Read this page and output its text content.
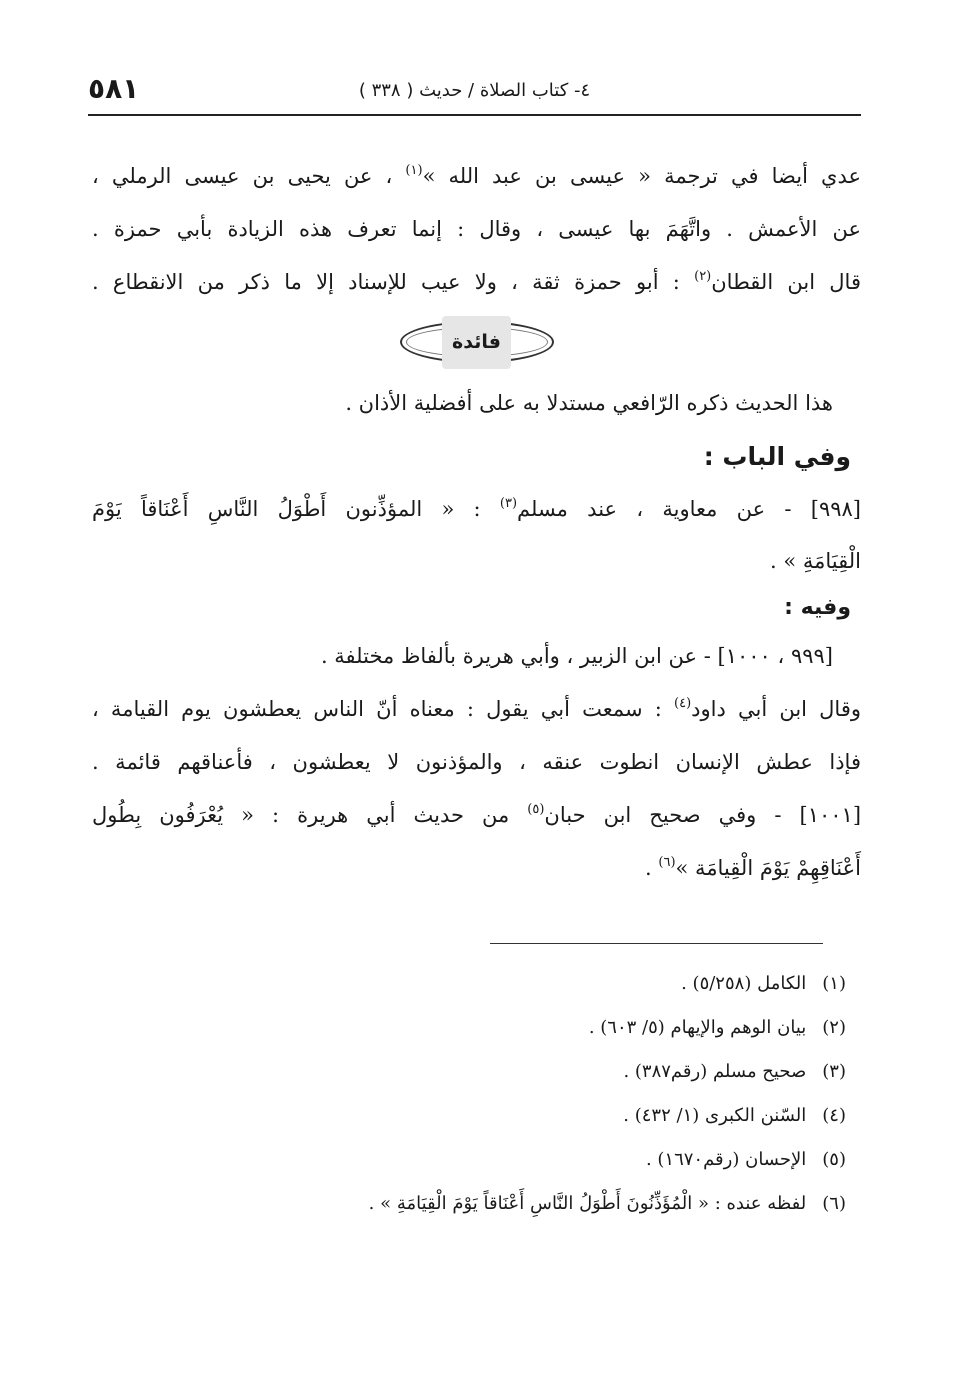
٥٨١	٤- كتاب الصلاة / حديث ( ٣٣٨ )
عدي أيضا في ترجمة « عيسى بن عبد الله »$^{(١)}$ ، عن يحيى بن عيسى الرملي ،
عن الأعمش . واتَّهَمَ بها عيسى ، وقال : إنما تعرف هذه الزيادة بأبي حمزة .
قال ابن القطان$^{(٢)}$ : أبو حمزة ثقة ، ولا عيب للإسناد إلا ما ذكر من الانقطاع .
فائدة
هذا الحديث ذكره الرّافعي مستدلا به على أفضلية الأذان .
وفي الباب :
[٩٩٨] - عن معاوية ، عند مسلم$^{(٣)}$ : « المؤذِّنون أَطْوَلُ النَّاسِ أَعْنَاقاً يَوْمَ
الْقِيَامَةِ » .
وفيه :
[٩٩٩ ، ١٠٠٠] - عن ابن الزبير ، وأبي هريرة بألفاظ مختلفة .
وقال ابن أبي داود$^{(٤)}$ : سمعت أبي يقول : معناه أنّ الناس يعطشون يوم القيامة ،
فإذا عطش الإنسان انطوت عنقه ، والمؤذنون لا يعطشون ، فأعناقهم قائمة .
[١٠٠١] - وفي صحيح ابن حبان$^{(٥)}$ من حديث أبي هريرة : « يُعْرَفُون بِطُول
أَعْنَاقِهِمْ يَوْمَ الْقِيامَة »$^{(٦)}$ .
(١) الكامل (٥/٢٥٨) .
(٢) بيان الوهم والإيهام (٥/ ٦٠٣) .
(٣) صحيح مسلم (رقم٣٨٧) .
(٤) السّنن الكبرى (١/ ٤٣٢) .
(٥) الإحسان (رقم١٦٧٠) .
(٦) لفظه عنده : « الْمُؤَذِّنُونَ أَطْوَلُ النَّاسِ أَعْنَاقاً يَوْمَ الْقِيَامَةِ » .
